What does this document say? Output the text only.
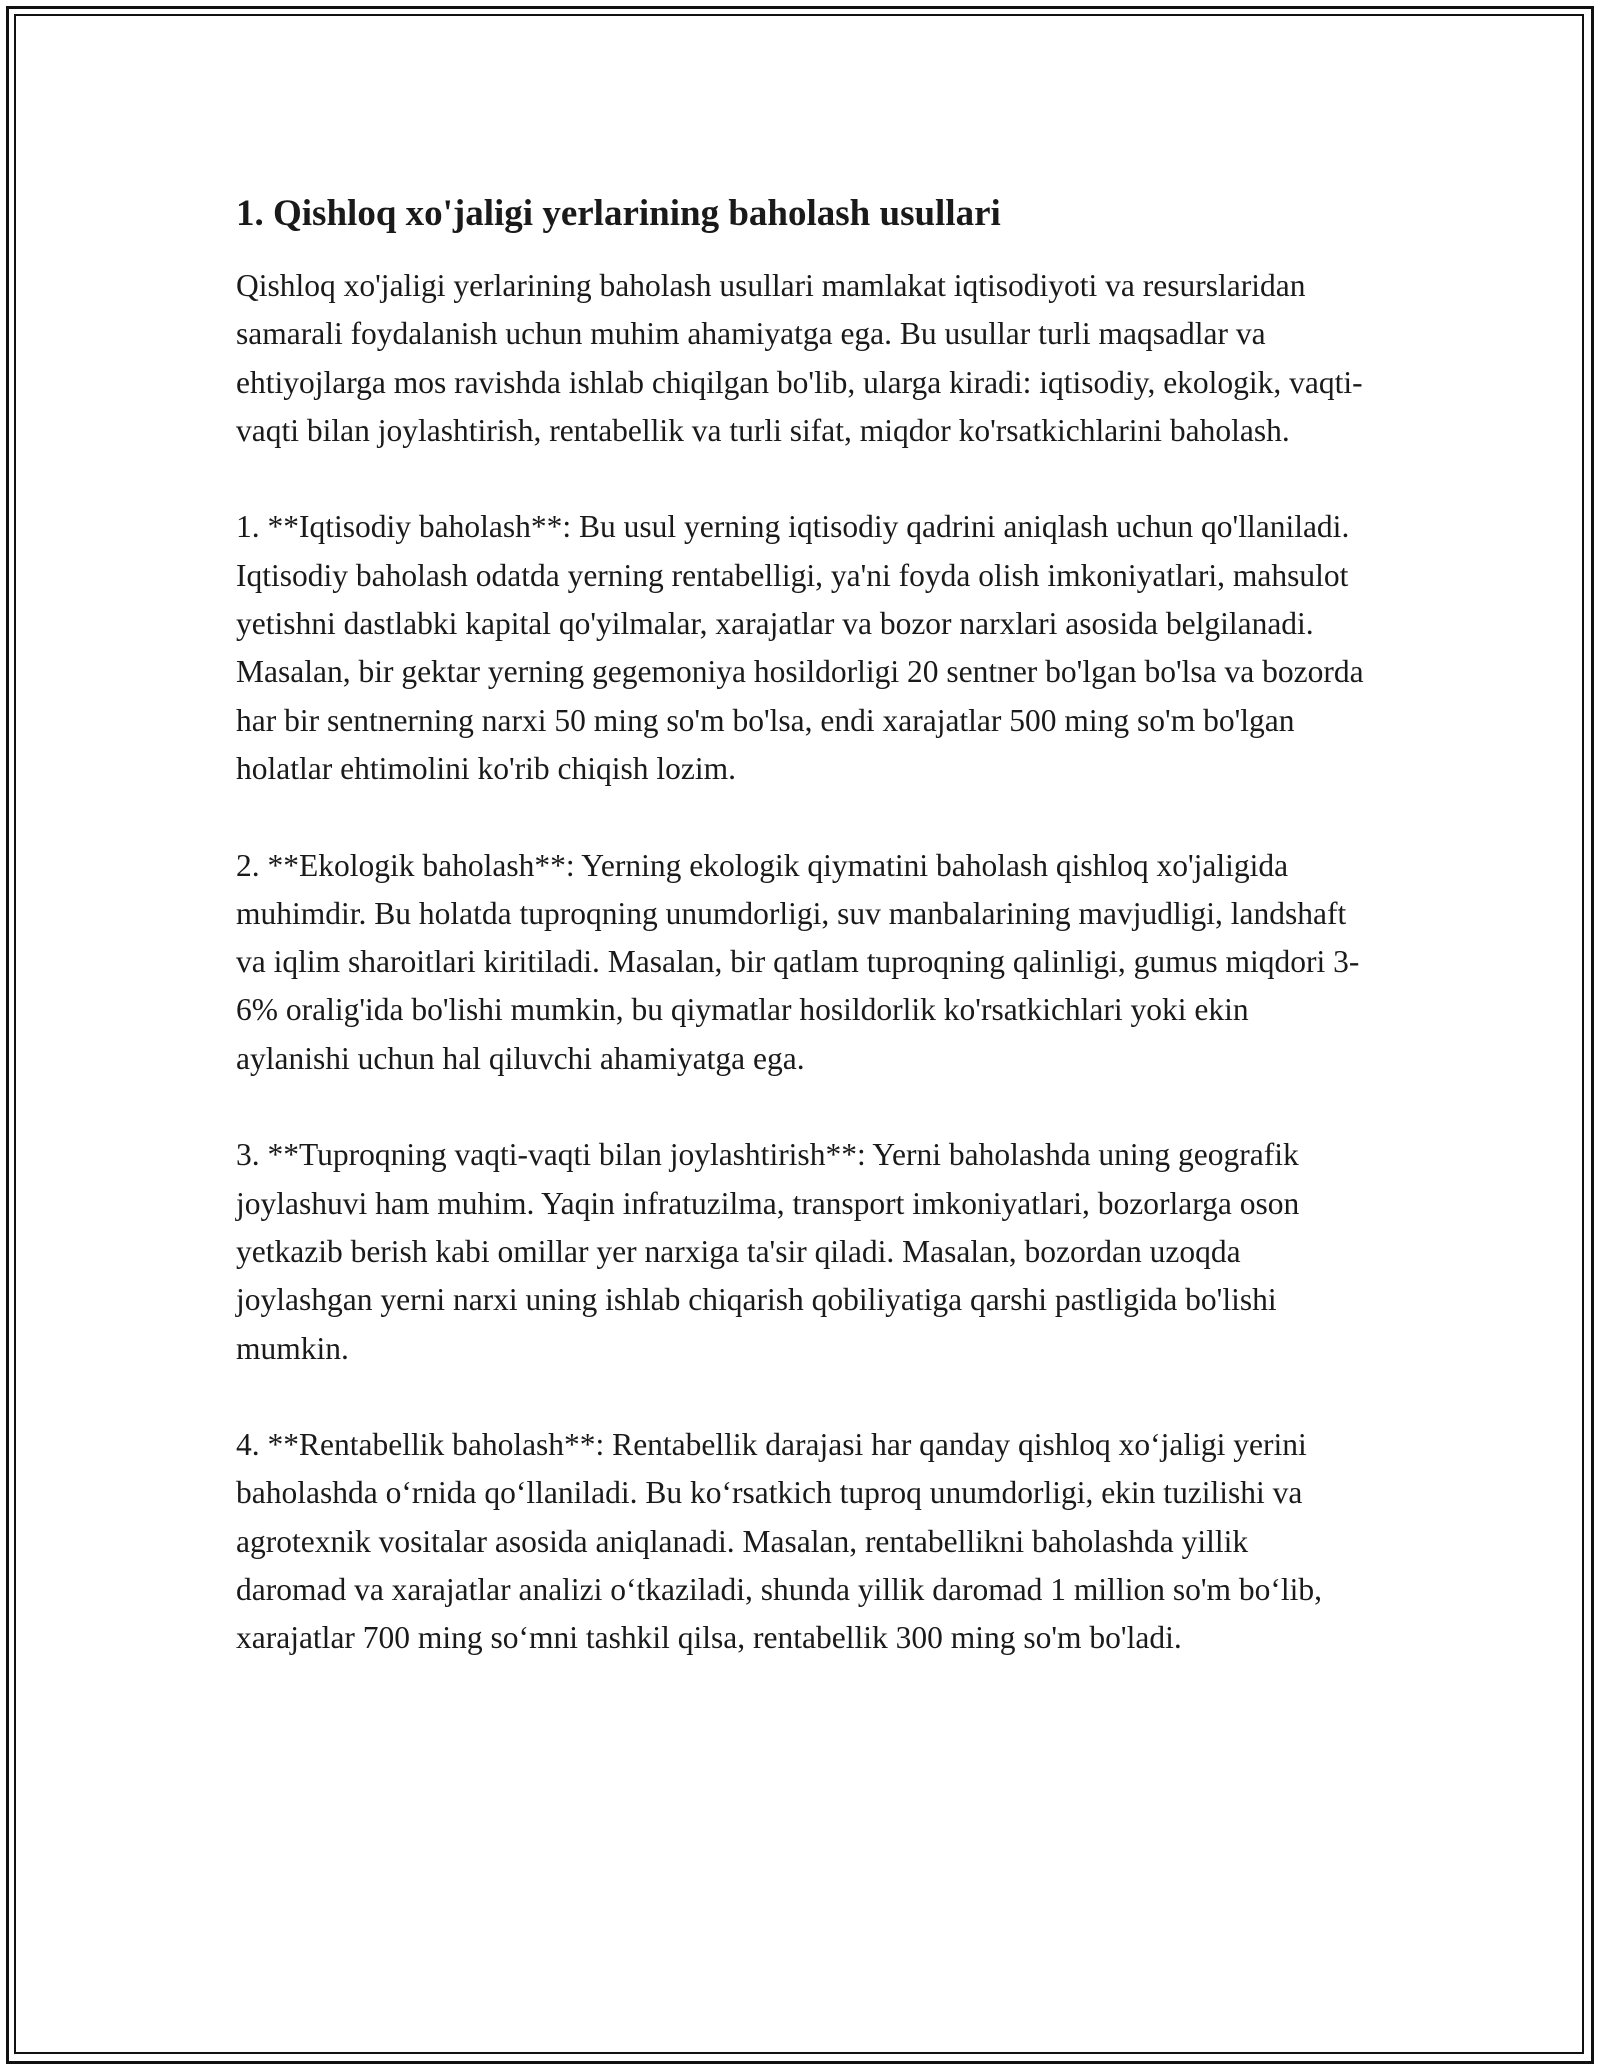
1. Qishloq xo'jaligi yerlarining baholash usullari

Qishloq xo'jaligi yerlarining baholash usullari mamlakat iqtisodiyoti va resurslaridan samarali foydalanish uchun muhim ahamiyatga ega. Bu usullar turli maqsadlar va ehtiyojlarga mos ravishda ishlab chiqilgan bo'lib, ularga kiradi: iqtisodiy, ekologik, vaqti-vaqti bilan joylashtirish, rentabellik va turli sifat, miqdor ko'rsatkichlarini baholash.

1. **Iqtisodiy baholash**: Bu usul yerning iqtisodiy qadrini aniqlash uchun qo'llaniladi. Iqtisodiy baholash odatda yerning rentabelligi, ya'ni foyda olish imkoniyatlari, mahsulot yetishni dastlabki kapital qo'yilmalar, xarajatlar va bozor narxlari asosida belgilanadi. Masalan, bir gektar yerning gegemoniya hosildorligi 20 sentner bo'lgan bo'lsa va bozorda har bir sentnerning narxi 50 ming so'm bo'lsa, endi xarajatlar 500 ming so'm bo'lgan holatlar ehtimolini ko'rib chiqish lozim.

2. **Ekologik baholash**: Yerning ekologik qiymatini baholash qishloq xo'jaligida muhimdir. Bu holatda tuproqning unumdorligi, suv manbalarining mavjudligi, landshaft va iqlim sharoitlari kiritiladi. Masalan, bir qatlam tuproqning qalinligi, gumus miqdori 3-6% oralig'ida bo'lishi mumkin, bu qiymatlar hosildorlik ko'rsatkichlari yoki ekin aylanishi uchun hal qiluvchi ahamiyatga ega.

3. **Tuproqning vaqti-vaqti bilan joylashtirish**: Yerni baholashda uning geografik joylashuvi ham muhim. Yaqin infratuzilma, transport imkoniyatlari, bozorlarga oson yetkazib berish kabi omillar yer narxiga ta'sir qiladi. Masalan, bozordan uzoqda joylashgan yerni narxi uning ishlab chiqarish qobiliyatiga qarshi pastligida bo'lishi mumkin.

4. **Rentabellik baholash**: Rentabellik darajasi har qanday qishloq xo‘jaligi yerini baholashda o‘rnida qo‘llaniladi. Bu ko‘rsatkich tuproq unumdorligi, ekin tuzilishi va agrotexnik vositalar asosida aniqlanadi. Masalan, rentabellikni baholashda yillik daromad va xarajatlar analizi o‘tkaziladi, shunda yillik daromad 1 million so'm bo‘lib, xarajatlar 700 ming so‘mni tashkil qilsa, rentabellik 300 ming so'm bo'ladi.
